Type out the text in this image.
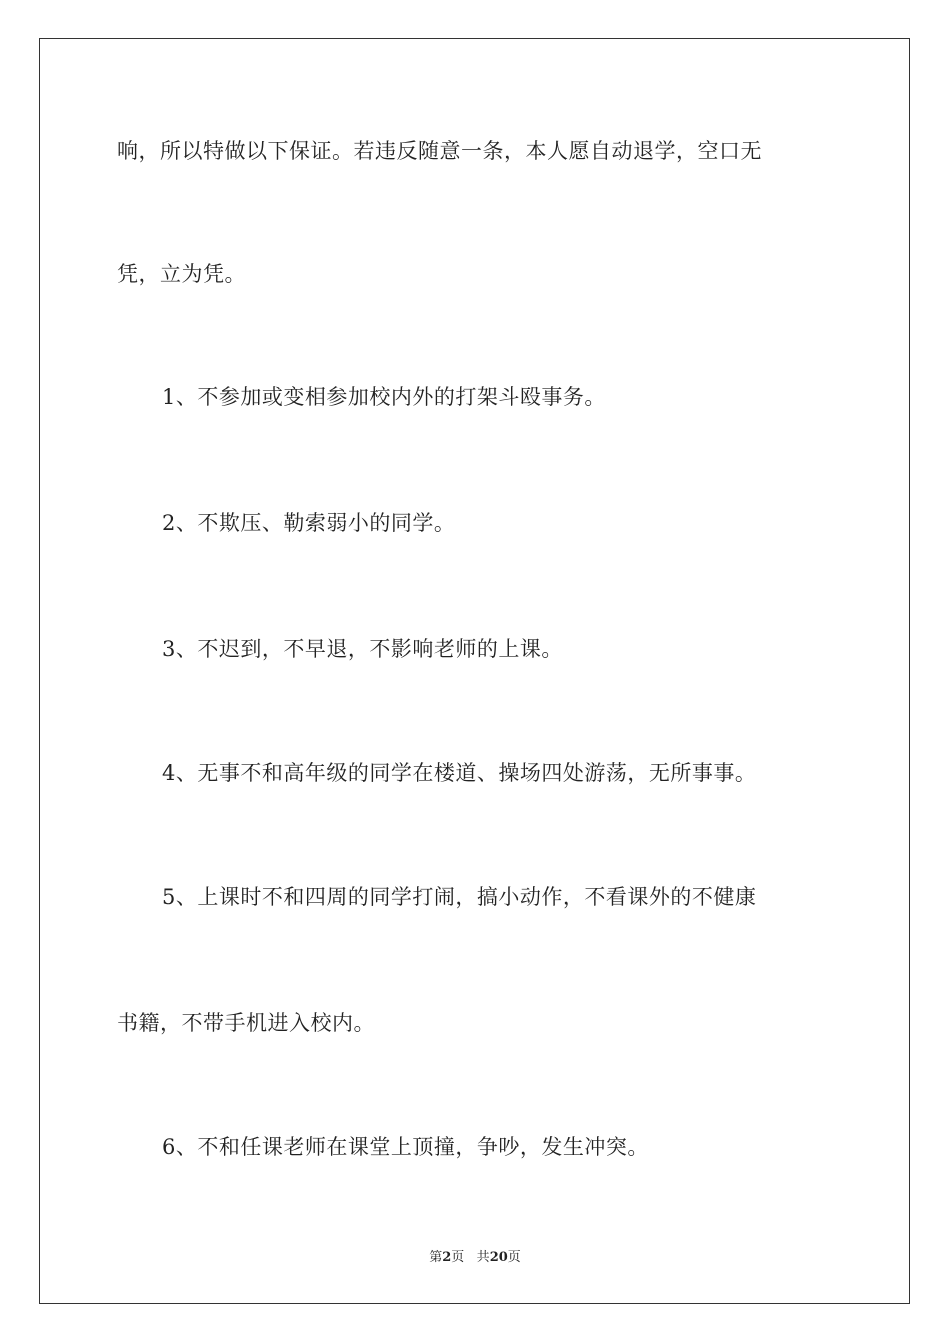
响，所以特做以下保证。若违反随意一条，本人愿自动退学，空口无
凭，立为凭。
1、不参加或变相参加校内外的打架斗殴事务。
2、不欺压、勒索弱小的同学。
3、不迟到，不早退，不影响老师的上课。
4、无事不和高年级的同学在楼道、操场四处游荡，无所事事。
5、上课时不和四周的同学打闹，搞小动作，不看课外的不健康
书籍，不带手机进入校内。
6、不和任课老师在课堂上顶撞，争吵，发生冲突。
第2页 共20页
